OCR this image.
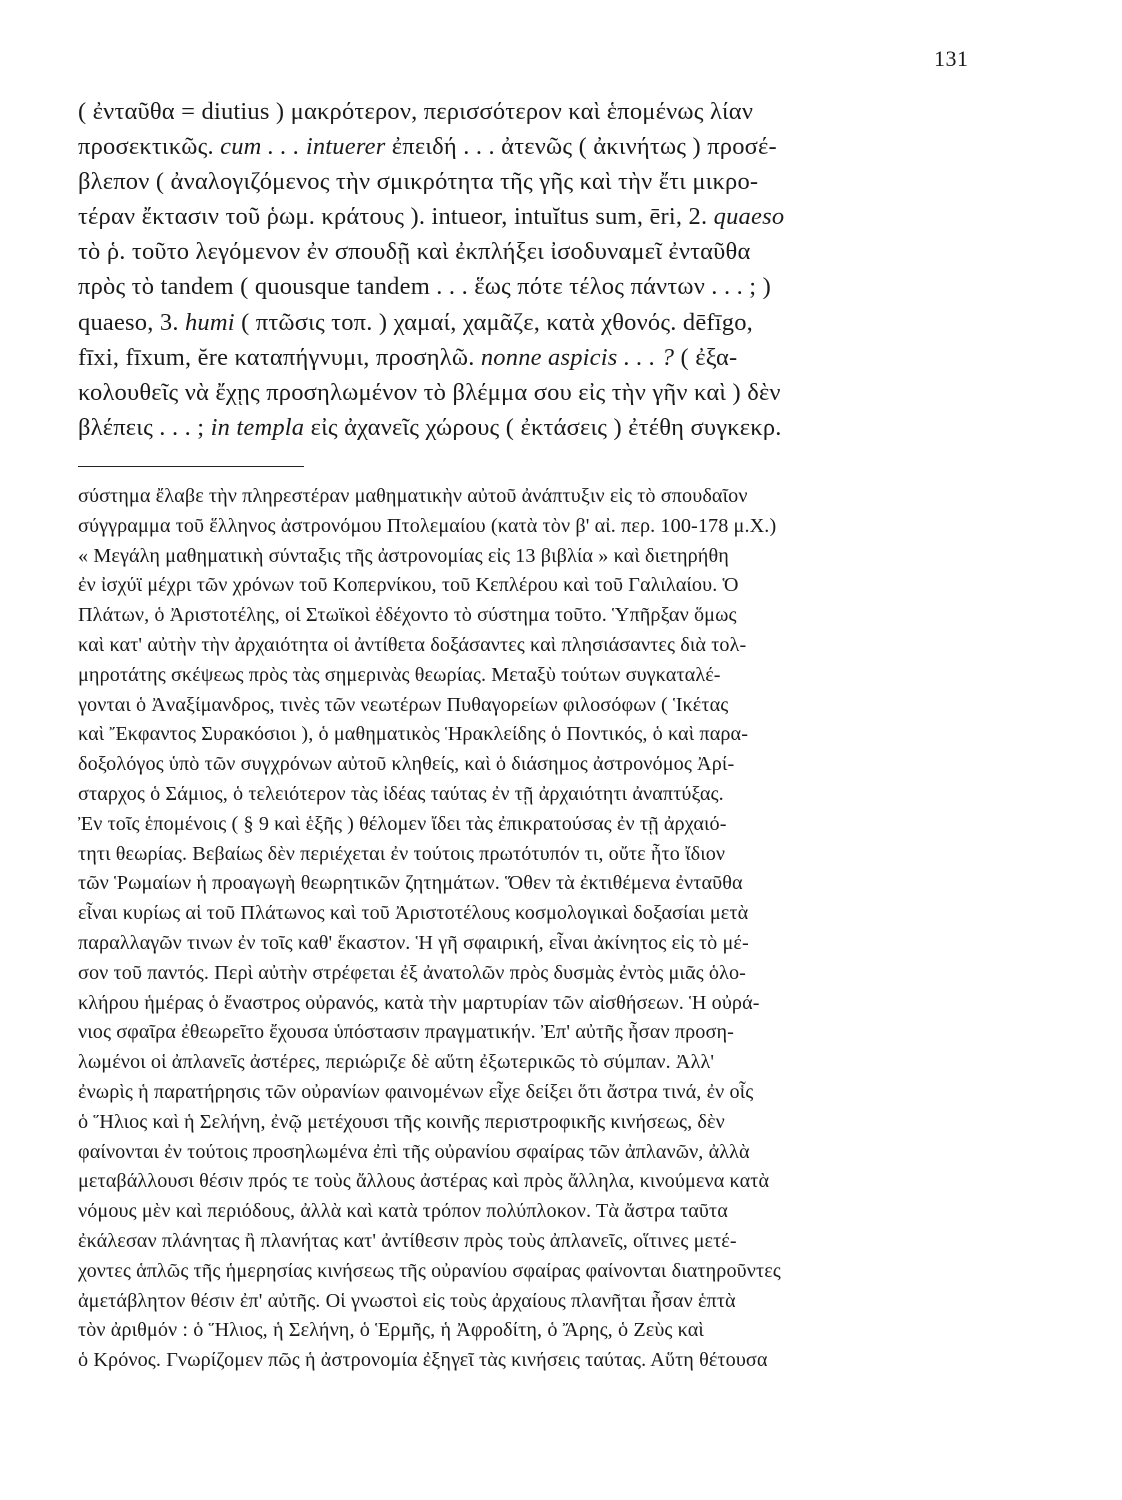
131
( ἐνταῦθα = diutius ) μακρότερον, περισσότερον καὶ ἑπομένως λίαν
προσεκτικῶς. cum . . . intuerer ἐπειδή . . . ἀτενῶς ( ἀκινήτως ) προσέ-
βλεπον ( ἀναλογιζόμενος τὴν σμικρότητα τῆς γῆς καὶ τὴν ἔτι μικρο-
τέραν ἔκτασιν τοῦ ῥωμ. κράτους ). intueor, intuĭtus sum, ēri, 2. quaeso
τὸ ῥ. τοῦτο λεγόμενον ἐν σπουδῇ καὶ ἐκπλήξει ἰσοδυναμεῖ ἐνταῦθα
πρὸς τὸ tandem ( quousque tandem . . . ἕως πότε τέλος πάντων . . . ; )
quaeso, 3. humi ( πτῶσις τοπ. ) χαμαί, χαμᾶζε, κατὰ χθονός. dēfīgo,
fīxi, fīxum, ĕre καταπήγνυμι, προσηλῶ. nonne aspicis . . . ? ( ἐξα-
κολουθεῖς νὰ ἔχῃς προσηλωμένον τὸ βλέμμα σου εἰς τὴν γῆν καὶ ) δὲν
βλέπεις . . . ; in templa εἰς ἀχανεῖς χώρους ( ἐκτάσεις ) ἐτέθη συγκεκρ.
σύστημα ἔλαβε τὴν πληρεστέραν μαθηματικὴν αὐτοῦ ἀνάπτυξιν εἰς τὸ σπουδαῖον
σύγγραμμα τοῦ ἕλληνος ἀστρονόμου Πτολεμαίου (κατὰ τὸν β' αἰ. περ. 100-178 μ.Χ.)
« Μεγάλη μαθηματικὴ σύνταξις τῆς ἀστρονομίας εἰς 13 βιβλία » καὶ διετηρήθη
ἐν ἰσχύϊ μέχρι τῶν χρόνων τοῦ Κοπερνίκου, τοῦ Κεπλέρου καὶ τοῦ Γαλιλαίου. Ὁ
Πλάτων, ὁ Ἀριστοτέλης, οἱ Στωϊκοὶ ἐδέχοντο τὸ σύστημα τοῦτο. Ὑπῆρξαν ὅμως
καὶ κατ' αὐτὴν τὴν ἀρχαιότητα οἱ ἀντίθετα δοξάσαντες καὶ πλησιάσαντες διὰ τολ-
μηροτάτης σκέψεως πρὸς τὰς σημερινὰς θεωρίας. Μεταξὺ τούτων συγκαταλέ-
γονται ὁ Ἀναξίμανδρος, τινὲς τῶν νεωτέρων Πυθαγορείων φιλοσόφων ( Ἱκέτας
καὶ Ἔκφαντος Συρακόσιοι ), ὁ μαθηματικὸς Ἡρακλείδης ὁ Ποντικός, ὁ καὶ παρα-
δοξολόγος ὑπὸ τῶν συγχρόνων αὐτοῦ κληθείς, καὶ ὁ διάσημος ἀστρονόμος Ἀρί-
σταρχος ὁ Σάμιος, ὁ τελειότερον τὰς ἰδέας ταύτας ἐν τῇ ἀρχαιότητι ἀναπτύξας.
Ἐν τοῖς ἑπομένοις ( § 9 καὶ ἑξῆς ) θέλομεν ἴδει τὰς ἐπικρατούσας ἐν τῇ ἀρχαιό-
τητι θεωρίας. Βεβαίως δὲν περιέχεται ἐν τούτοις πρωτότυπόν τι, οὔτε ἦτο ἴδιον
τῶν Ῥωμαίων ἡ προαγωγὴ θεωρητικῶν ζητημάτων. Ὅθεν τὰ ἐκτιθέμενα ἐνταῦθα
εἶναι κυρίως αἱ τοῦ Πλάτωνος καὶ τοῦ Ἀριστοτέλους κοσμολογικαὶ δοξασίαι μετὰ
παραλλαγῶν τινων ἐν τοῖς καθ' ἕκαστον. Ἡ γῆ σφαιρική, εἶναι ἀκίνητος εἰς τὸ μέ-
σον τοῦ παντός. Περὶ αὐτὴν στρέφεται ἐξ ἀνατολῶν πρὸς δυσμὰς ἐντὸς μιᾶς ὁλο-
κλήρου ἡμέρας ὁ ἔναστρος οὐρανός, κατὰ τὴν μαρτυρίαν τῶν αἰσθήσεων. Ἡ οὐρά-
νιος σφαῖρα ἐθεωρεῖτο ἔχουσα ὑπόστασιν πραγματικήν. Ἐπ' αὐτῆς ἦσαν προση-
λωμένοι οἱ ἀπλανεῖς ἀστέρες, περιώριζε δὲ αὕτη ἐξωτερικῶς τὸ σύμπαν. Ἀλλ'
ἐνωρὶς ἡ παρατήρησις τῶν οὐρανίων φαινομένων εἶχε δείξει ὅτι ἄστρα τινά, ἐν οἷς
ὁ Ἥλιος καὶ ἡ Σελήνη, ἐνῷ μετέχουσι τῆς κοινῆς περιστροφικῆς κινήσεως, δὲν
φαίνονται ἐν τούτοις προσηλωμένα ἐπὶ τῆς οὐρανίου σφαίρας τῶν ἀπλανῶν, ἀλλὰ
μεταβάλλουσι θέσιν πρός τε τοὺς ἄλλους ἀστέρας καὶ πρὸς ἄλληλα, κινούμενα κατὰ
νόμους μὲν καὶ περιόδους, ἀλλὰ καὶ κατὰ τρόπον πολύπλοκον. Τὰ ἄστρα ταῦτα
ἐκάλεσαν πλάνητας ἢ πλανήτας κατ' ἀντίθεσιν πρὸς τοὺς ἀπλανεῖς, οἵτινες μετέ-
χοντες ἁπλῶς τῆς ἡμερησίας κινήσεως τῆς οὐρανίου σφαίρας φαίνονται διατηροῦντες
ἀμετάβλητον θέσιν ἐπ' αὐτῆς. Οἱ γνωστοὶ εἰς τοὺς ἀρχαίους πλανῆται ἦσαν ἑπτὰ
τὸν ἀριθμόν : ὁ Ἥλιος, ἡ Σελήνη, ὁ Ἑρμῆς, ἡ Ἀφροδίτη, ὁ Ἄρης, ὁ Ζεὺς καὶ
ὁ Κρόνος. Γνωρίζομεν πῶς ἡ ἀστρονομία ἐξηγεῖ τὰς κινήσεις ταύτας. Αὕτη θέτουσα
